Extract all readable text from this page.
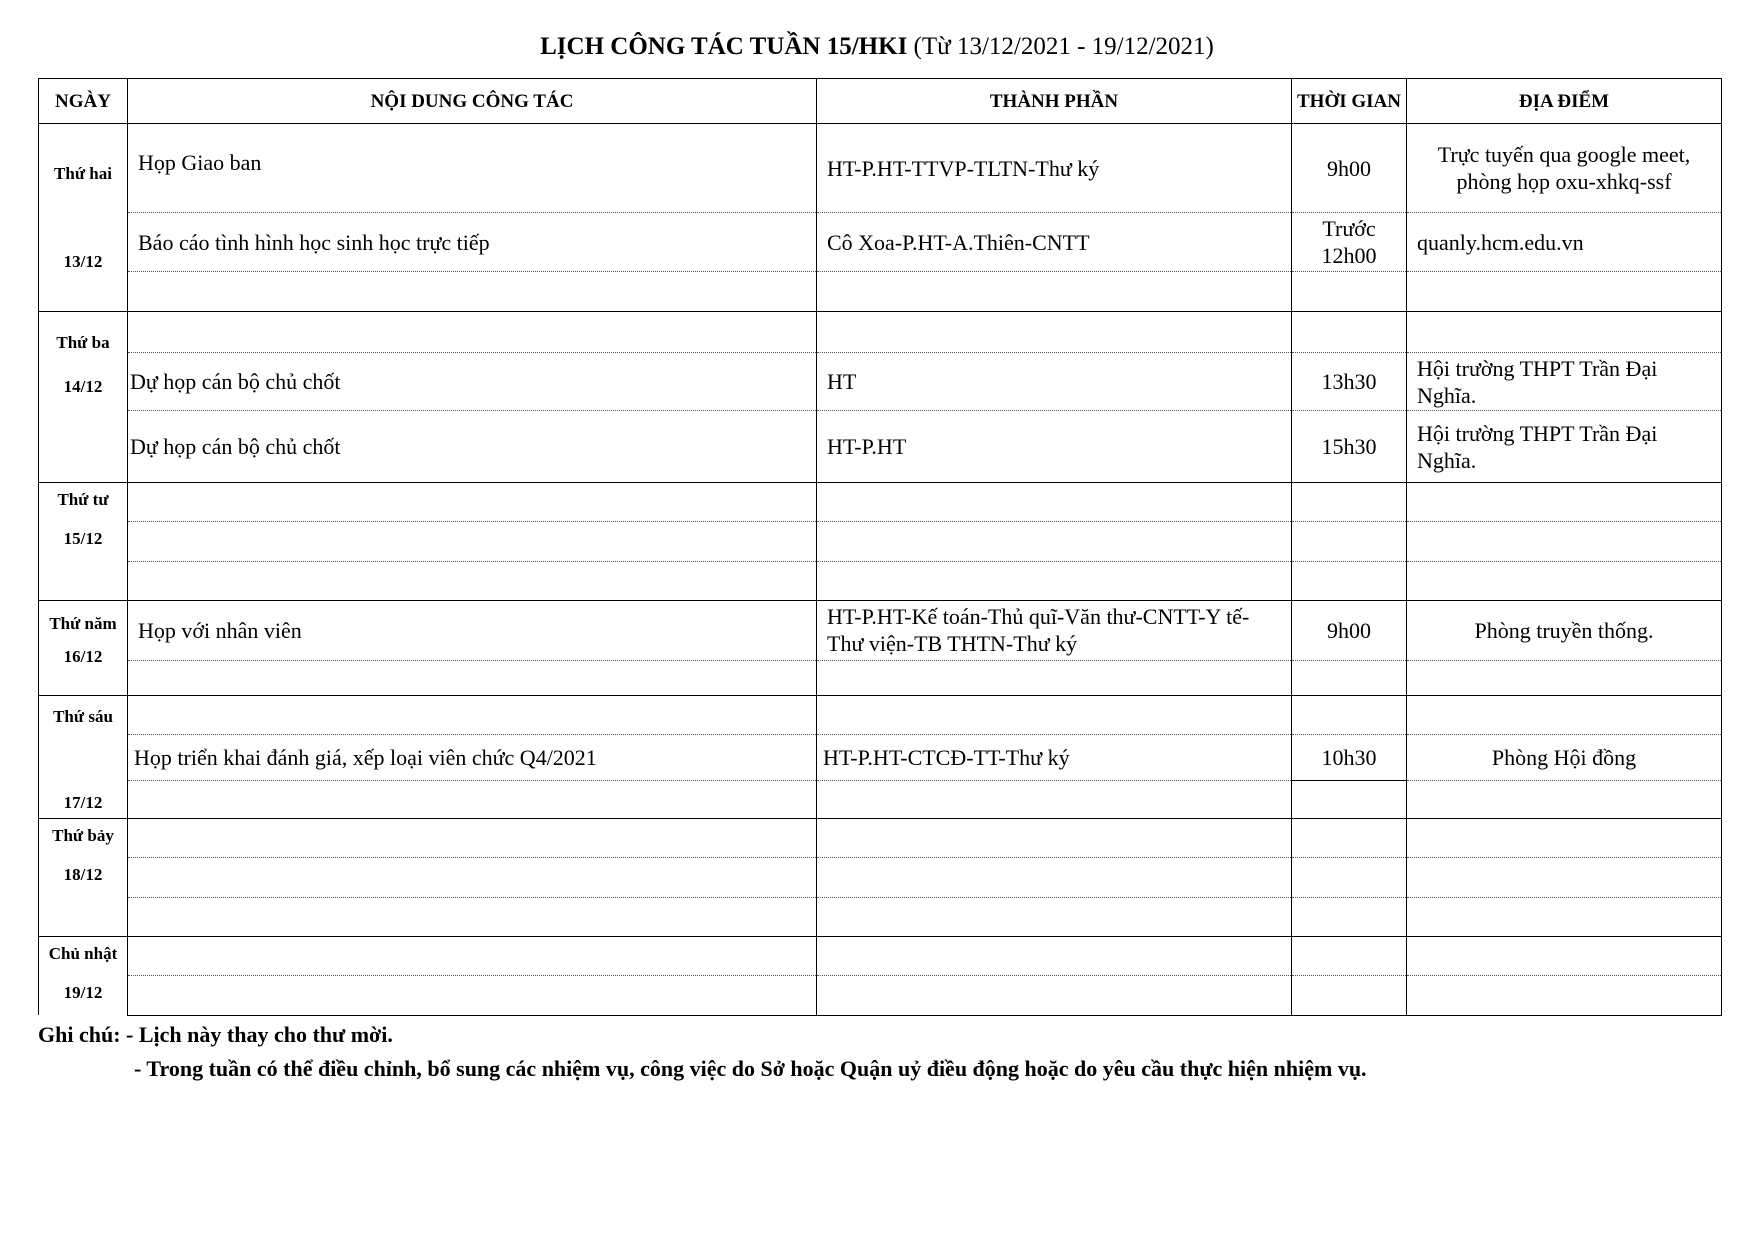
LỊCH CÔNG TÁC TUẦN 15/HKI (Từ 13/12/2021 - 19/12/2021)
NGÀY	NỘI DUNG CÔNG TÁC	THÀNH PHẦN	THỜI GIAN	ĐỊA ĐIỂM

Thứ hai
13/12	Họp Giao ban	HT-P.HT-TTVP-TLTN-Thư ký	9h00	Trực tuyến qua google meet, phòng họp oxu-xhkq-ssf
	Báo cáo tình hình học sinh học trực tiếp	Cô Xoa-P.HT-A.Thiên-CNTT	Trước 12h00	quanly.hcm.edu.vn

Thứ ba
14/12				

	Dự họp cán bộ chủ chốt	HT	13h30	Hội trường THPT Trần Đại Nghĩa.
	Dự họp cán bộ chủ chốt	HT-P.HT	15h30	Hội trường THPT Trần Đại Nghĩa.

Thứ tư
15/12				

Thứ năm
16/12	Họp với nhân viên	HT-P.HT-Kế toán-Thủ quĩ-Văn thư-CNTT-Y tế-Thư viện-TB THTN-Thư ký	9h00	Phòng truyền thống.

Thứ sáu
17/12				

	Họp triển khai đánh giá, xếp loại viên chức Q4/2021	HT-P.HT-CTCĐ-TT-Thư ký	10h30	Phòng Hội đồng

Thứ bảy
18/12				

Chủ nhật
19/12				

Ghi chú: - Lịch này thay cho thư mời.
- Trong tuần có thể điều chỉnh, bổ sung các nhiệm vụ, công việc do Sở hoặc Quận uỷ điều động hoặc do yêu cầu thực hiện nhiệm vụ.
